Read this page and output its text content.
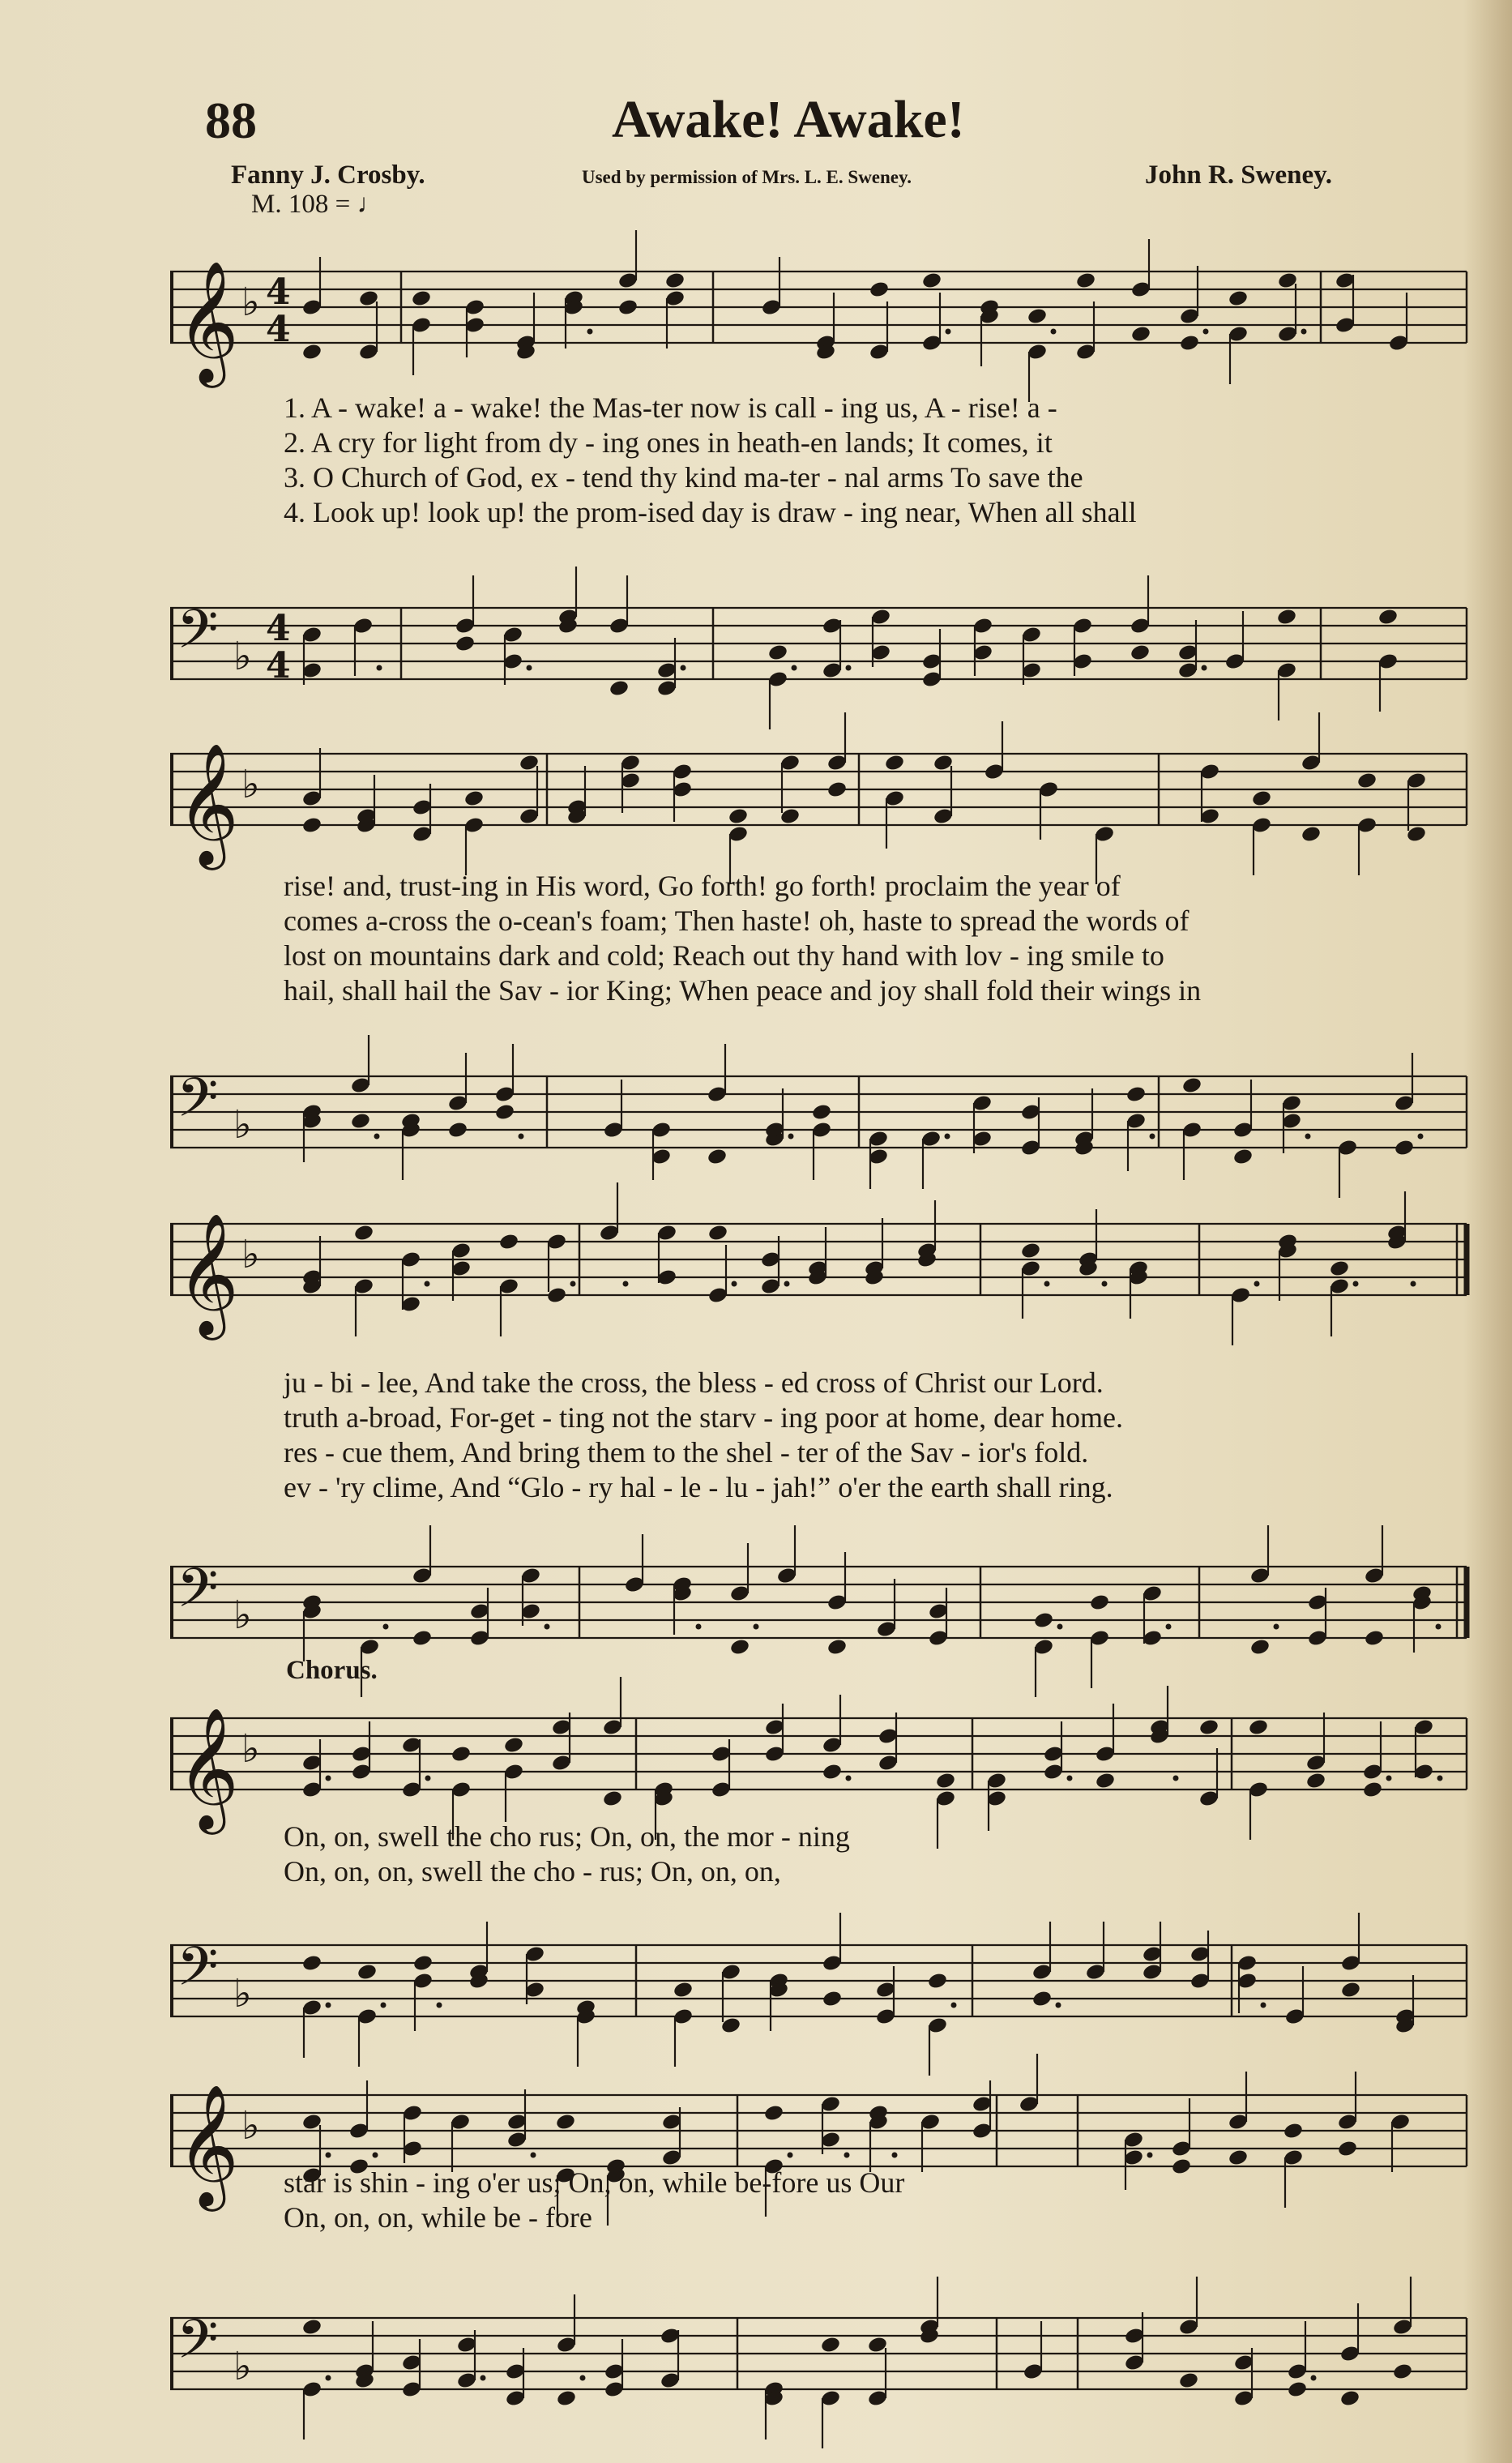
88	Awake! Awake!
Fanny J. Crosby.	Used by permission of Mrs. L. E. Sweney.	John R. Sweney.
M. 108 = ♩
Chorus.
𝄞 ♭ 4
4
1. A - wake! a - wake! the Mas-ter now is call - ing us, A - rise! a -
2. A cry for light from dy - ing ones in heath-en lands; It comes, it
3. O Church of God, ex - tend thy kind ma-ter - nal arms To save the
4. Look up! look up! the prom-ised day is draw - ing near, When all shall
𝄢 ♭
4
4
𝄞 ♭
rise! and, trust-ing in His word, Go forth! go forth! proclaim the year of
comes a-cross the o-cean's foam; Then haste! oh, haste to spread the words of
lost on mountains dark and cold; Reach out thy hand with lov - ing smile to
hail, shall hail the Sav - ior King; When peace and joy shall fold their wings in
𝄢 ♭
𝄞 ♭
ju - bi - lee, And take the cross, the bless - ed cross of Christ our Lord.
truth a-broad, For-get - ting not the starv - ing poor at home, dear home.
res - cue them, And bring them to the shel - ter of the Sav - ior's fold.
ev - 'ry clime, And “Glo - ry hal - le - lu - jah!” o'er the earth shall ring.
𝄢 ♭
𝄞 ♭
On, on, swell the cho rus; On, on, the mor - ning
On, on, on, swell the cho - rus; On, on, on,
𝄢 ♭
𝄞 ♭
star is shin - ing o'er us; On, on, while be-fore us Our
On, on, on, while be - fore
𝄢 ♭
